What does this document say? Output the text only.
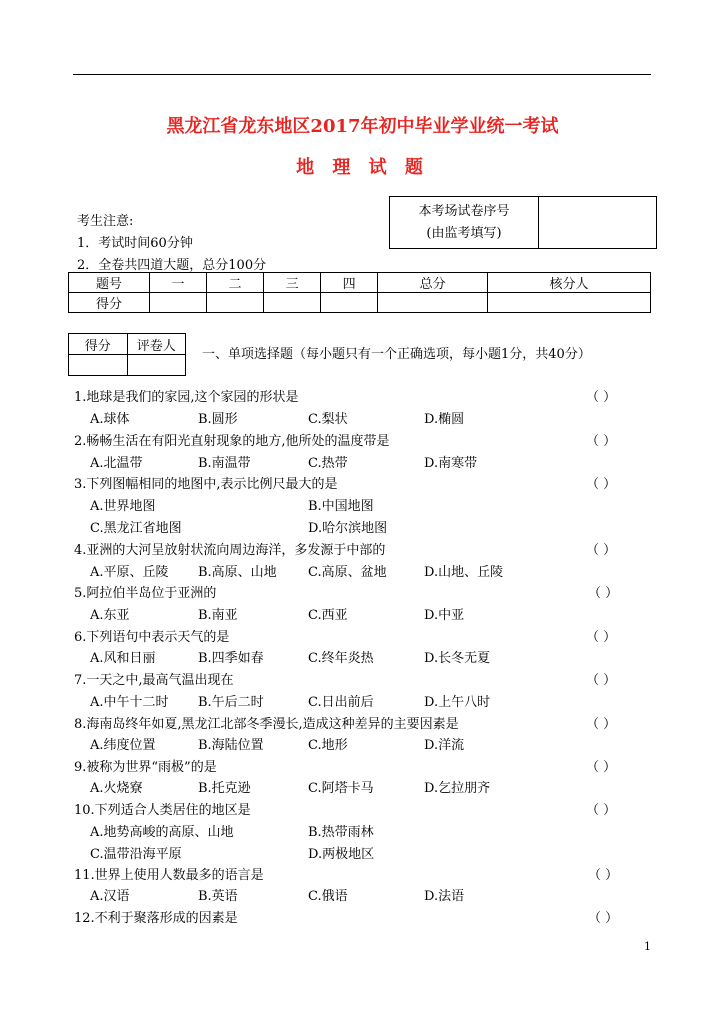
黑龙江省龙东地区2017年初中毕业学业统一考试
地 理 试 题
本考场试卷序号
(由监考填写)

考生注意:
1．考试时间60分钟
2．全卷共四道大题，总分100分
题号	一	二	三	四	总分	核分人
得分						
得分	评卷人

一、单项选择题（每小题只有一个正确选项，每小题1分，共40分）
1.地球是我们的家园,这个家园的形状是	（ ）
A.球体	B.圆形	C.梨状	D.椭圆
2.畅畅生活在有阳光直射现象的地方,他所处的温度带是	（ ）
A.北温带	B.南温带	C.热带	D.南寒带
3.下列图幅相同的地图中,表示比例尺最大的是	（ ）
A.世界地图	B.中国地图
C.黑龙江省地图	D.哈尔滨地图
4.亚洲的大河呈放射状流向周边海洋，多发源于中部的	（ ）
A.平原、丘陵 B.高原、山地 C.高原、盆地	D.山地、丘陵
5.阿拉伯半岛位于亚洲的	（ ）
A.东亚	B.南亚	C.西亚	D.中亚
6.下列语句中表示天气的是	（ ）
A.风和日丽	B.四季如春	C.终年炎热	D.长冬无夏
7.一天之中,最高气温出现在	（ ）
A.中午十二时 B.午后二时	C.日出前后	D.上午八时
8.海南岛终年如夏,黑龙江北部冬季漫长,造成这种差异的主要因素是	（ ）
A.纬度位置	B.海陆位置	C.地形	D.洋流
9.被称为世界“雨极”的是	（ ）
A.火烧寮	B.托克逊	C.阿塔卡马	D.乞拉朋齐
10.下列适合人类居住的地区是	（ ）
A.地势高峻的高原、山地	B.热带雨林
C.温带沿海平原	D.两极地区
11.世界上使用人数最多的语言是	（ ）
A.汉语	B.英语	C.俄语	D.法语
12.不利于聚落形成的因素是	（ ）
1
